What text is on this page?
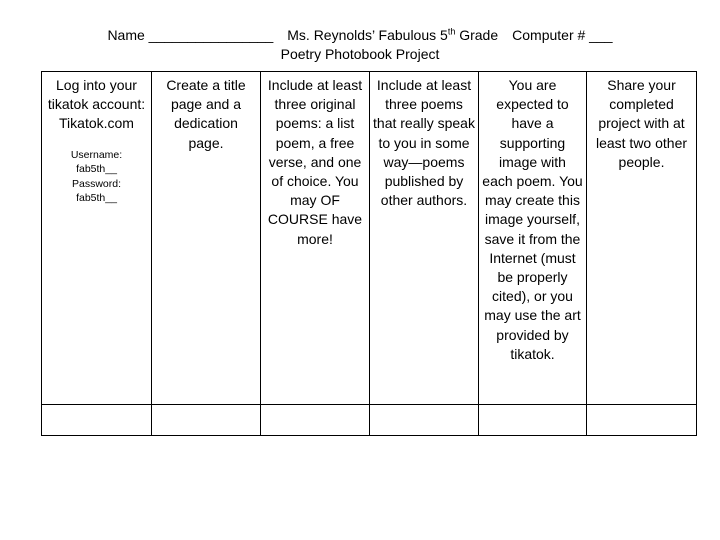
Name ________________ Ms. Reynolds’ Fabulous 5th Grade Computer # ___
Poetry Photobook Project
Log into your tikatok account: Tikatok.com
Username:
fab5th__
Password:
fab5th__	Create a title page and a dedication page.	Include at least three original poems: a list poem, a free verse, and one of choice. You may OF COURSE have more!	Include at least three poems that really speak to you in some way—poems published by other authors.	You are expected to have a supporting image with each poem. You may create this image yourself, save it from the Internet (must be properly cited), or you may use the art provided by tikatok.	Share your completed project with at least two other people.
